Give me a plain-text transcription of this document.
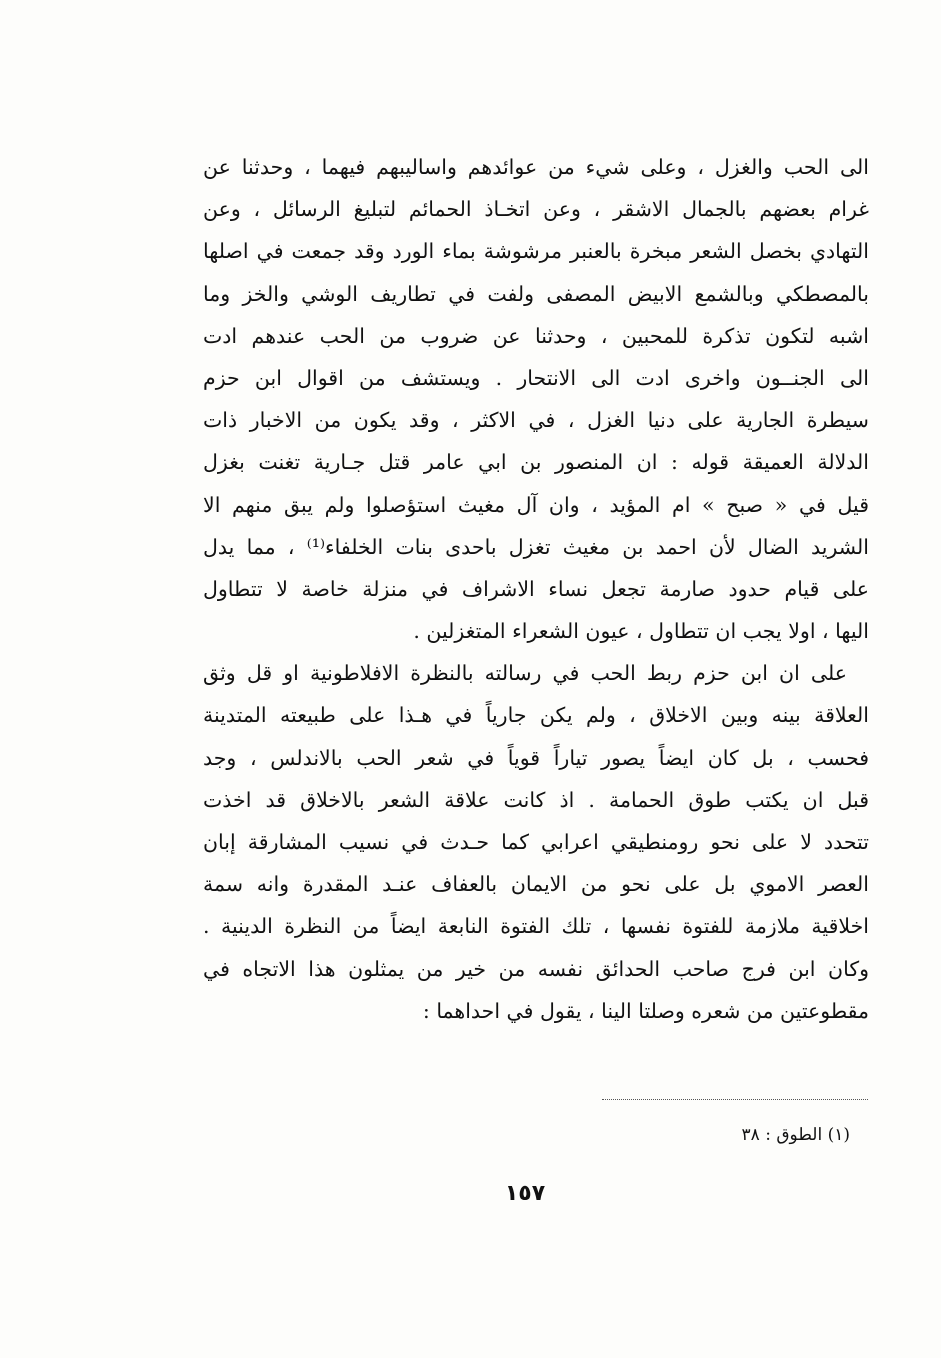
الى الحب والغزل ، وعلى شيء من عوائدهم واساليبهم فيهما ، وحدثنا عن
غرام بعضهم بالجمال الاشقر ، وعن اتخـاذ الحمائم لتبليغ الرسائل ، وعن
التهادي بخصل الشعر مبخرة بالعنبر مرشوشة بماء الورد وقد جمعت في اصلها
بالمصطكي وبالشمع الابيض المصفى ولفت في تطاريف الوشي والخز وما
اشبه لتكون تذكرة للمحبين ، وحدثنا عن ضروب من الحب عندهم ادت
الى الجنــون واخرى ادت الى الانتحار . ويستشف من اقوال ابن حزم
سيطرة الجارية على دنيا الغزل ، في الاكثر ، وقد يكون من الاخبار ذات
الدلالة العميقة قوله : ان المنصور بن ابي عامر قتل جـارية تغنت بغزل
قيل في « صبح » ام المؤيد ، وان آل مغيث استؤصلوا ولم يبق منهم الا
الشريد الضال لأن احمد بن مغيث تغزل باحدى بنات الخلفاء⁽¹⁾ ، مما يدل
على قيام حدود صارمة تجعل نساء الاشراف في منزلة خاصة لا تتطاول
اليها ، اولا يجب ان تتطاول ، عيون الشعراء المتغزلين .
على ان ابن حزم ربط الحب في رسالته بالنظرة الافلاطونية او قل وثق
العلاقة بينه وبين الاخلاق ، ولم يكن جارياً في هـذا على طبيعته المتدينة
فحسب ، بل كان ايضاً يصور تياراً قوياً في شعر الحب بالاندلس ، وجد
قبل ان يكتب طوق الحمامة . اذ كانت علاقة الشعر بالاخلاق قد اخذت
تتحدد لا على نحو رومنطيقي اعرابي كما حـدث في نسيب المشارقة إبان
العصر الاموي بل على نحو من الايمان بالعفاف عنـد المقدرة وانه سمة
اخلاقية ملازمة للفتوة نفسها ، تلك الفتوة النابعة ايضاً من النظرة الدينية .
وكان ابن فرج صاحب الحدائق نفسه من خير من يمثلون هذا الاتجاه في
مقطوعتين من شعره وصلتا الينا ، يقول في احداهما :
(١) الطوق : ٣٨
١٥٧
